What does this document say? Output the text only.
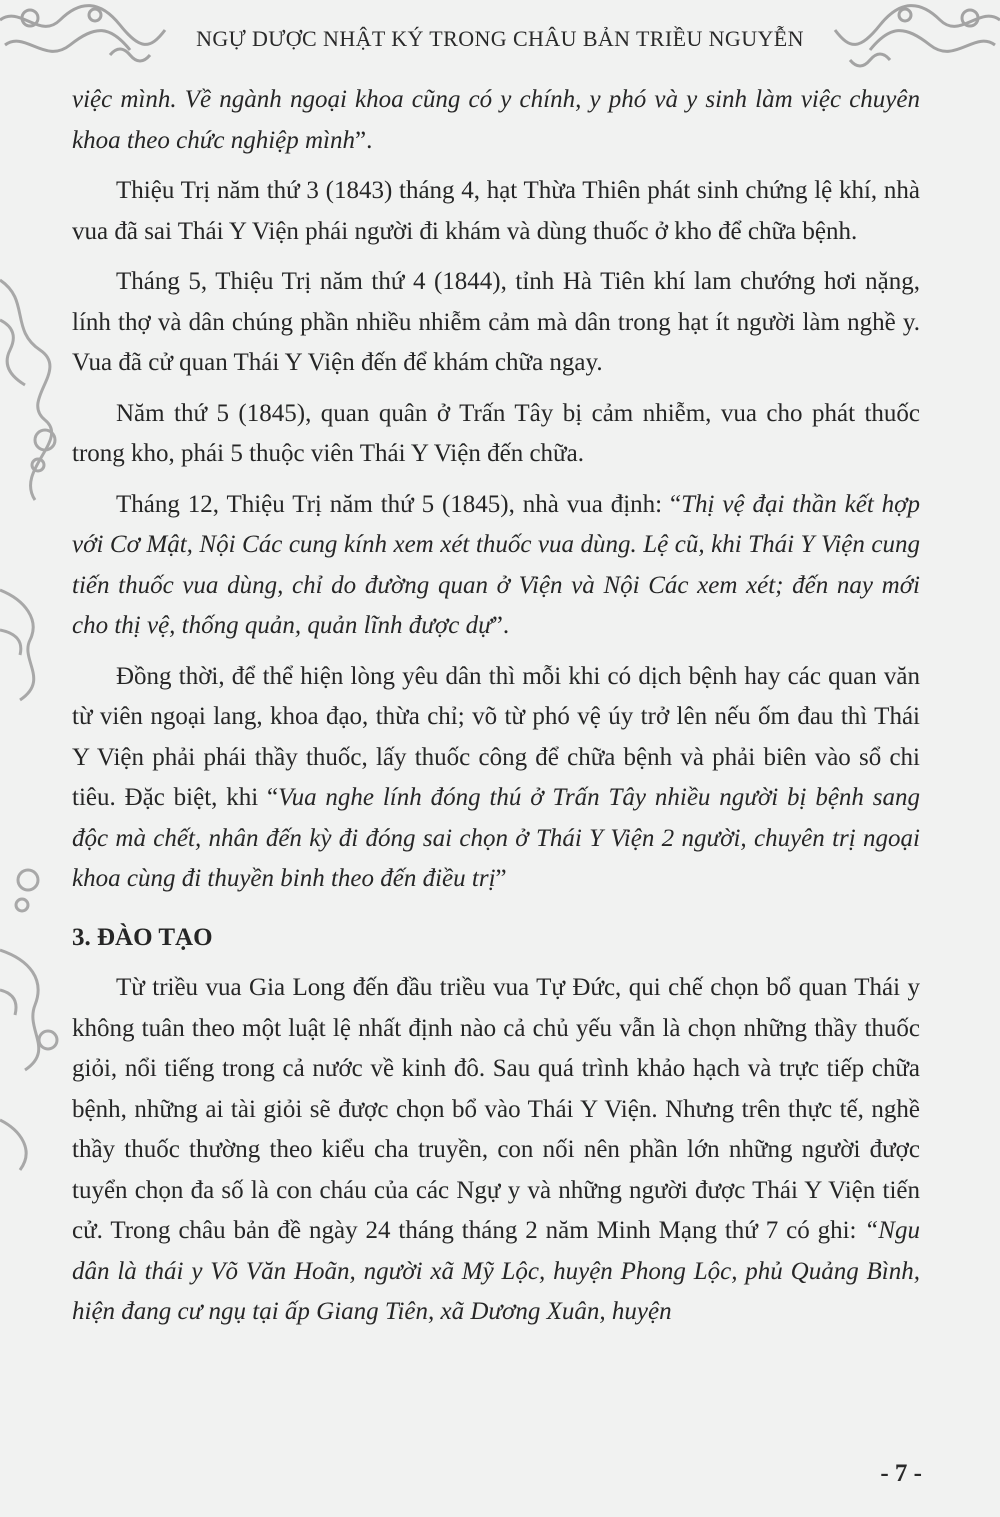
NGỰ DƯỢC NHẬT KÝ TRONG CHÂU BẢN TRIỀU NGUYỄN

việc mình. Về ngành ngoại khoa cũng có y chính, y phó và y sinh làm việc chuyên khoa theo chức nghiệp mình”.

Thiệu Trị năm thứ 3 (1843) tháng 4, hạt Thừa Thiên phát sinh chứng lệ khí, nhà vua đã sai Thái Y Viện phái người đi khám và dùng thuốc ở kho để chữa bệnh.

Tháng 5, Thiệu Trị năm thứ 4 (1844), tỉnh Hà Tiên khí lam chướng hơi nặng, lính thợ và dân chúng phần nhiều nhiễm cảm mà dân trong hạt ít người làm nghề y. Vua đã cử quan Thái Y Viện đến để khám chữa ngay.

Năm thứ 5 (1845), quan quân ở Trấn Tây bị cảm nhiễm, vua cho phát thuốc trong kho, phái 5 thuộc viên Thái Y Viện đến chữa.

Tháng 12, Thiệu Trị năm thứ 5 (1845), nhà vua định: “Thị vệ đại thần kết hợp với Cơ Mật, Nội Các cung kính xem xét thuốc vua dùng. Lệ cũ, khi Thái Y Viện cung tiến thuốc vua dùng, chỉ do đường quan ở Viện và Nội Các xem xét; đến nay mới cho thị vệ, thống quản, quản lĩnh được dự”.

Đồng thời, để thể hiện lòng yêu dân thì mỗi khi có dịch bệnh hay các quan văn từ viên ngoại lang, khoa đạo, thừa chỉ; võ từ phó vệ úy trở lên nếu ốm đau thì Thái Y Viện phải phái thầy thuốc, lấy thuốc công để chữa bệnh và phải biên vào sổ chi tiêu. Đặc biệt, khi “Vua nghe lính đóng thú ở Trấn Tây nhiều người bị bệnh sang độc mà chết, nhân đến kỳ đi đóng sai chọn ở Thái Y Viện 2 người, chuyên trị ngoại khoa cùng đi thuyền binh theo đến điều trị”

3. ĐÀO TẠO

Từ triều vua Gia Long đến đầu triều vua Tự Đức, qui chế chọn bổ quan Thái y không tuân theo một luật lệ nhất định nào cả chủ yếu vẫn là chọn những thầy thuốc giỏi, nổi tiếng trong cả nước về kinh đô. Sau quá trình khảo hạch và trực tiếp chữa bệnh, những ai tài giỏi sẽ được chọn bổ vào Thái Y Viện. Nhưng trên thực tế, nghề thầy thuốc thường theo kiểu cha truyền, con nối nên phần lớn những người được tuyển chọn đa số là con cháu của các Ngự y và những người được Thái Y Viện tiến cử. Trong châu bản đề ngày 24 tháng tháng 2 năm Minh Mạng thứ 7 có ghi: “Ngu dân là thái y Võ Văn Hoãn, người xã Mỹ Lộc, huyện Phong Lộc, phủ Quảng Bình, hiện đang cư ngụ tại ấp Giang Tiên, xã Dương Xuân, huyện

- 7 -
